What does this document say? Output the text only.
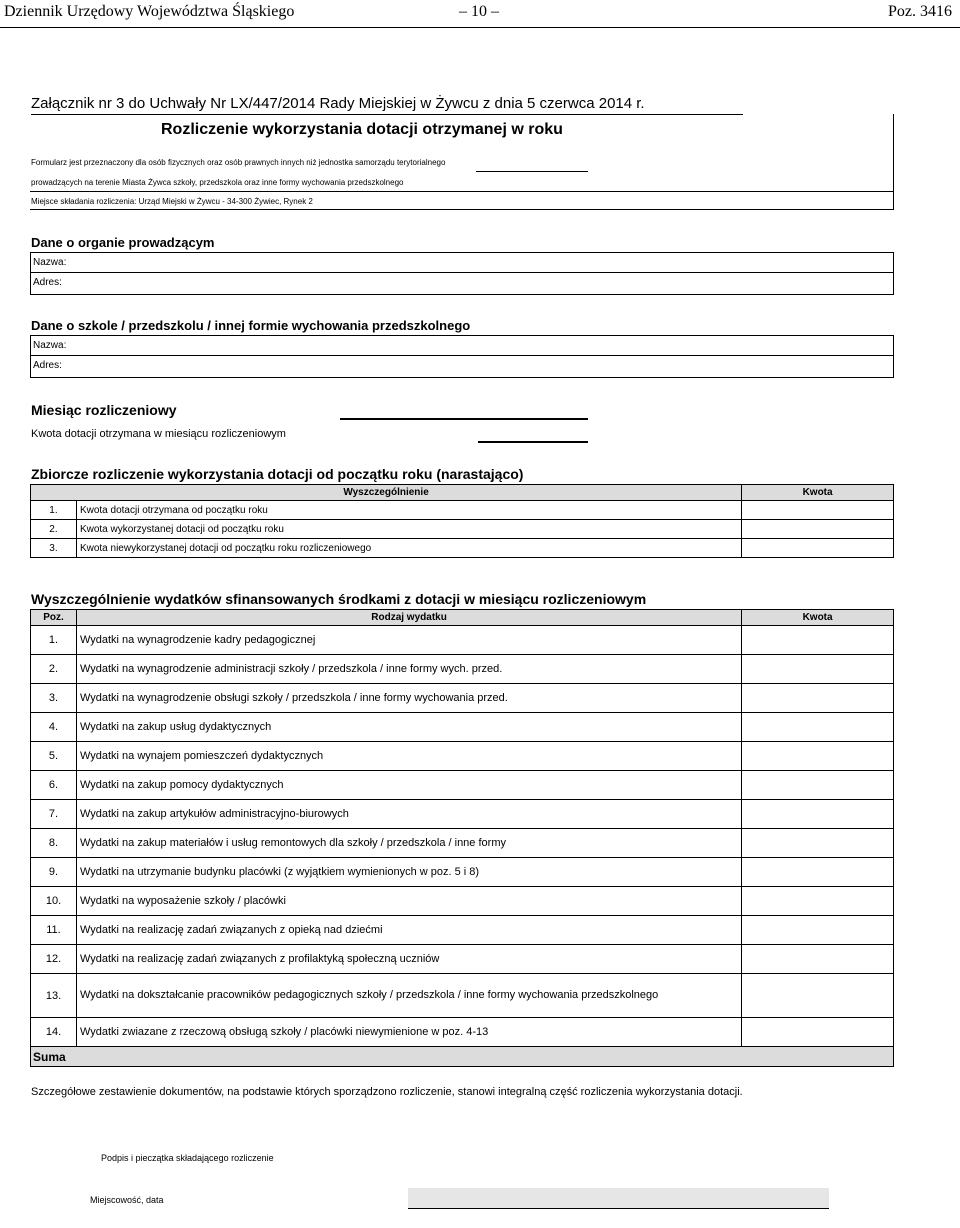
Dziennik Urzędowy Województwa Śląskiego	– 10 –	Poz. 3416
Załącznik nr 3 do Uchwały Nr LX/447/2014 Rady Miejskiej w Żywcu z dnia 5 czerwca 2014 r.
Rozliczenie wykorzystania dotacji otrzymanej w roku
Formularz jest przeznaczony dla osób fizycznych oraz osób prawnych innych niż jednostka samorządu terytorialnego
prowadzących na terenie Miasta Żywca szkoły, przedszkola oraz inne formy wychowania przedszkolnego
Miejsce składania rozliczenia: Urząd Miejski w Żywcu - 34-300 Żywiec, Rynek 2
Dane o organie prowadzącym
Nazwa:
Adres:
Dane o szkole / przedszkolu / innej formie wychowania przedszkolnego
Nazwa:
Adres:
Miesiąc rozliczeniowy
Kwota dotacji otrzymana w miesiącu rozliczeniowym
Zbiorcze rozliczenie wykorzystania dotacji od początku roku (narastająco)
Wyszczególnienie		Kwota
1.	Kwota dotacji otrzymana od początku roku	
2.	Kwota wykorzystanej dotacji od początku roku	
3.	Kwota niewykorzystanej dotacji od początku roku rozliczeniowego	
Wyszczególnienie wydatków sfinansowanych środkami z dotacji w miesiącu rozliczeniowym
Poz.	Rodzaj wydatku	Kwota
1.	Wydatki na wynagrodzenie kadry pedagogicznej	
2.	Wydatki na wynagrodzenie administracji szkoły / przedszkola / inne formy wych. przed.	
3.	Wydatki na wynagrodzenie obsługi szkoły / przedszkola / inne formy wychowania przed.	
4.	Wydatki na zakup usług dydaktycznych	
5.	Wydatki na wynajem pomieszczeń dydaktycznych	
6.	Wydatki na zakup pomocy dydaktycznych	
7.	Wydatki na zakup artykułów administracyjno-biurowych	
8.	Wydatki na zakup materiałów i usług remontowych dla szkoły / przedszkola / inne formy	
9.	Wydatki na utrzymanie budynku placówki (z wyjątkiem wymienionych w poz. 5 i 8)	
10.	Wydatki na wyposażenie szkoły / placówki	
11.	Wydatki na realizację zadań związanych z opieką nad dziećmi	
12.	Wydatki na realizację zadań związanych z profilaktyką społeczną uczniów	
13.	Wydatki na dokształcanie pracowników pedagogicznych szkoły / przedszkola / inne formy wychowania przedszkolnego	
14.	Wydatki zwiazane z rzeczową obsługą szkoły / placówki niewymienione w poz. 4-13	
Suma		
Szczegółowe zestawienie dokumentów, na podstawie których sporządzono rozliczenie, stanowi integralną część rozliczenia wykorzystania dotacji.
Podpis i pieczątka składającego rozliczenie
Miejscowość, data
